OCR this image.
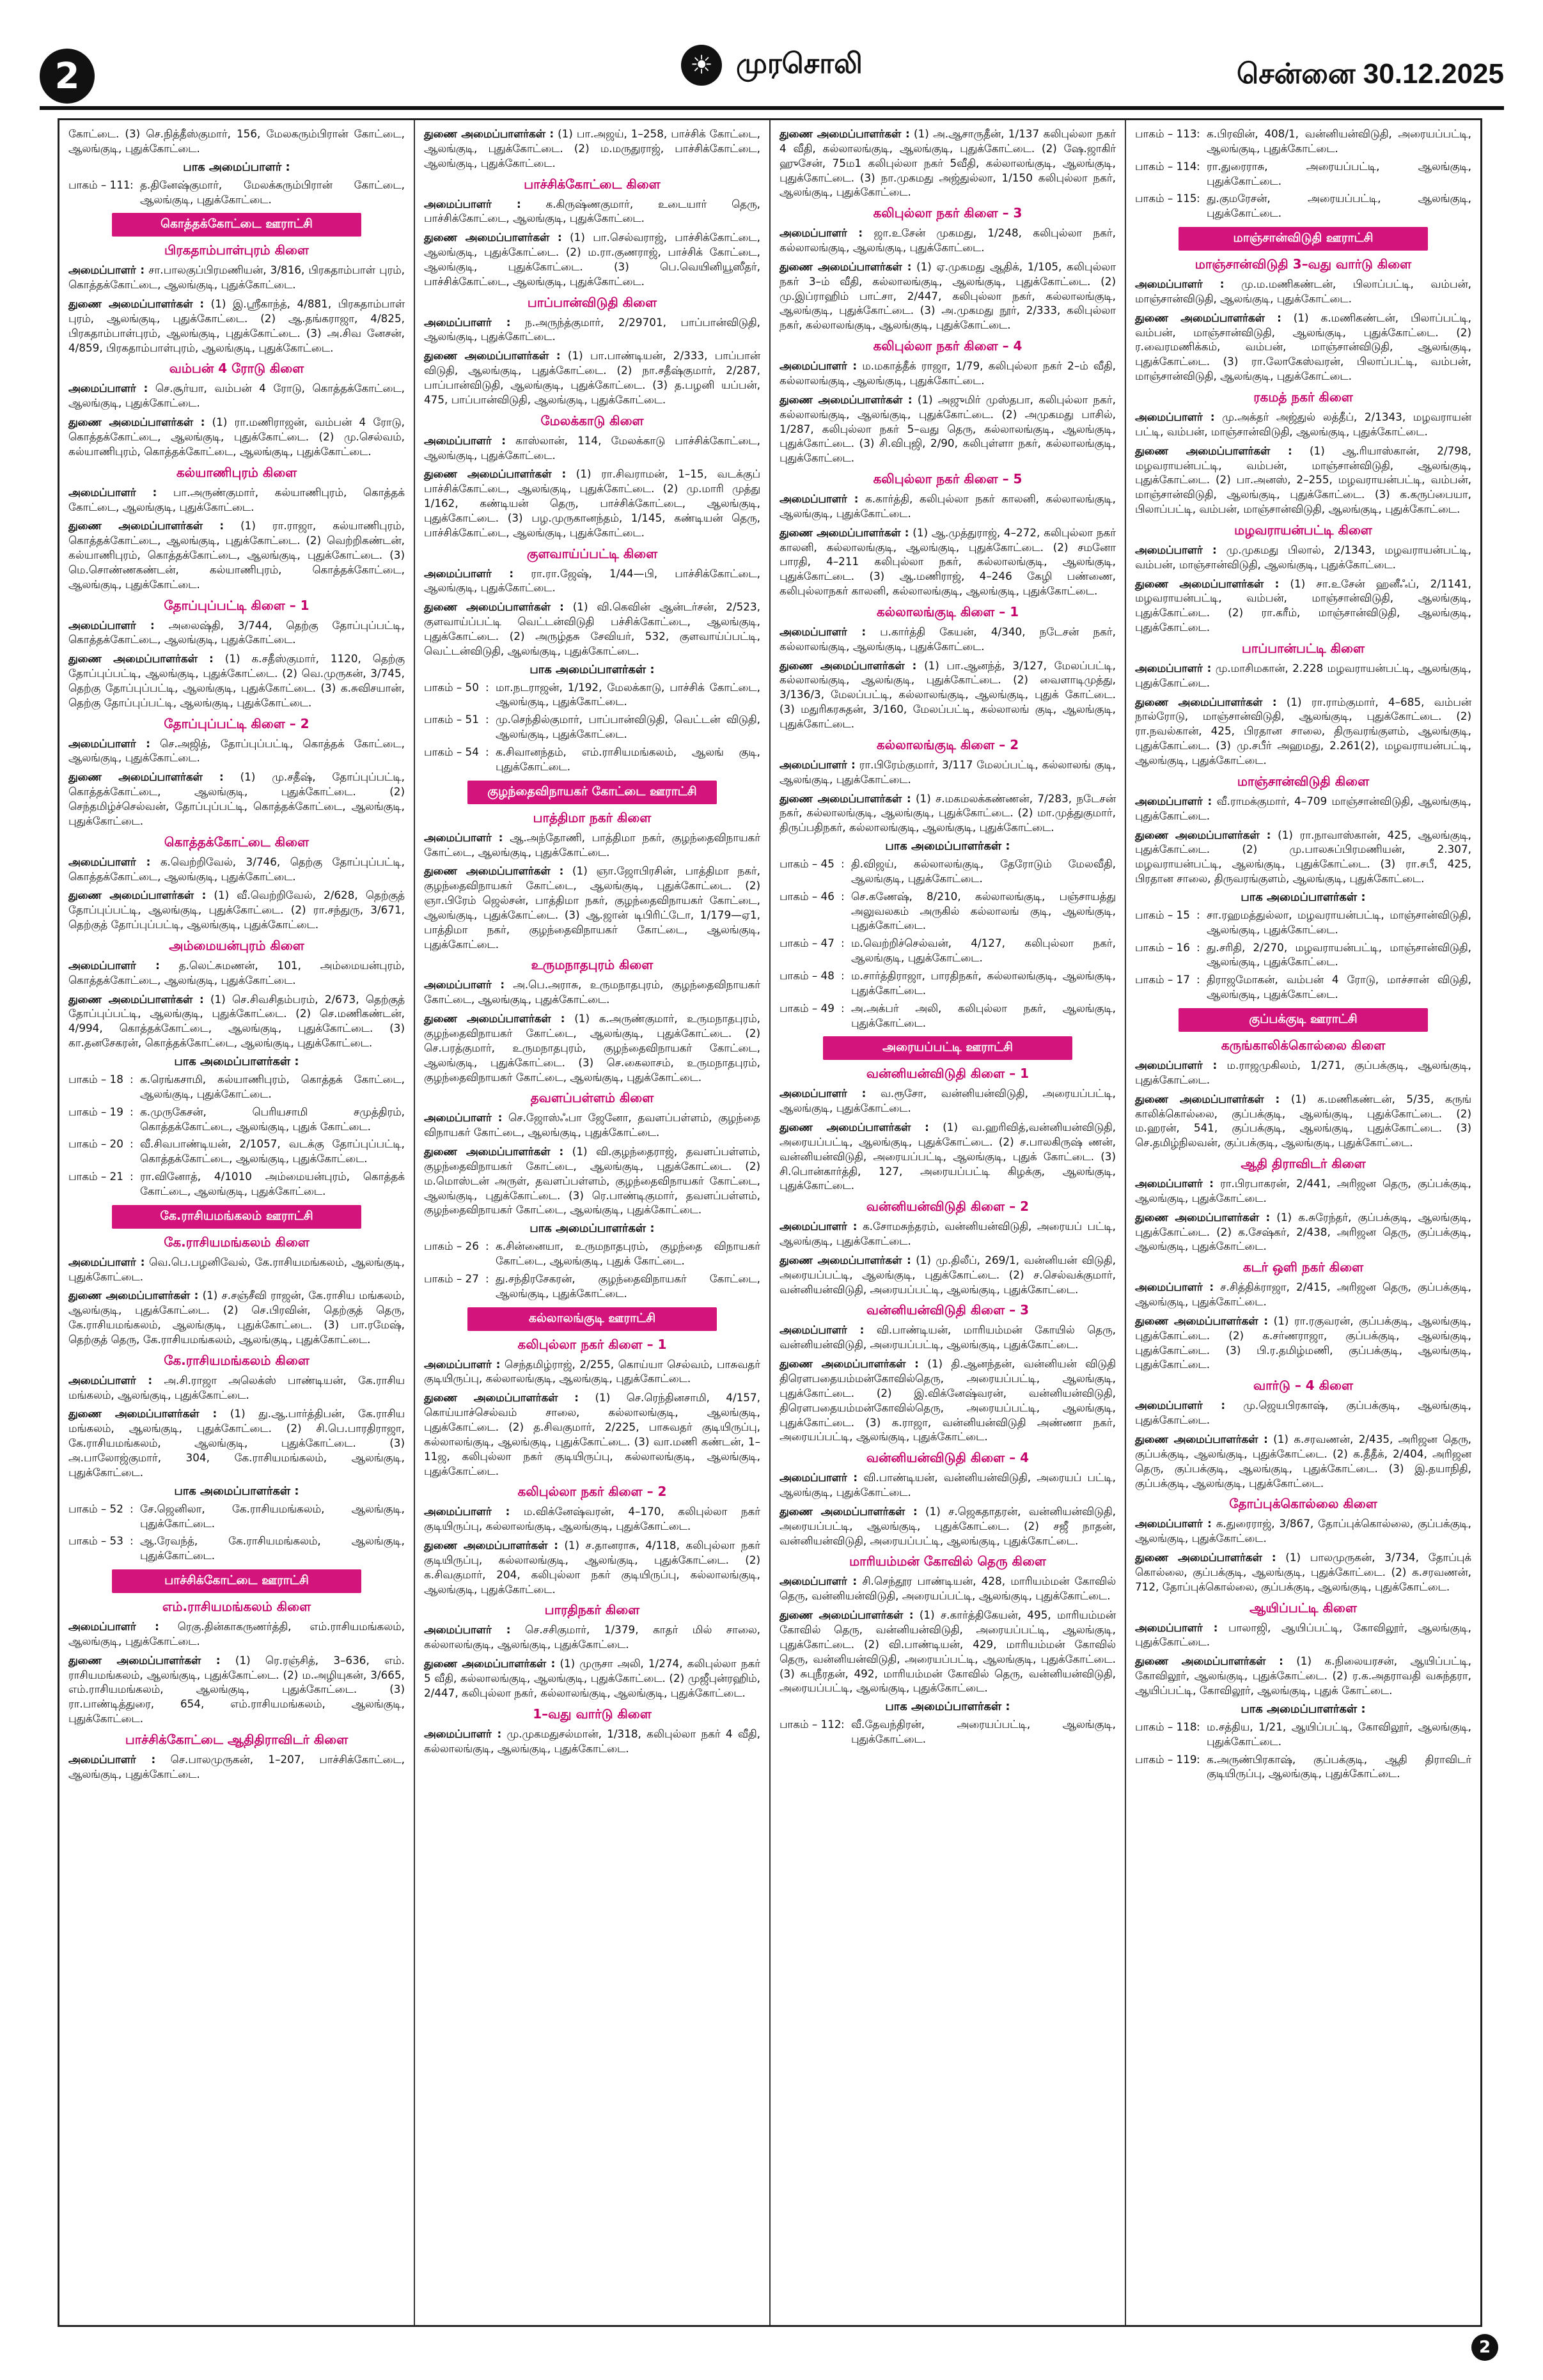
2	☀ முரசொலி	சென்னை 30.12.2025
கோட்டை. (3) செ.நித்தீஸ்குமார், 156, மேலகரும்பிரான் கோட்டை, ஆலங்குடி, புதுக்கோட்டை.
பாக அமைப்பாளர் :
பாகம் – 111 : த.தினேஷ்குமார், மேலக்கரும்பிரான் கோட்டை, ஆலங்குடி, புதுக்கோட்டை.
கொத்தக்கோட்டை ஊராட்சி
பிரகதாம்பாள்புரம் கிளை
அமைப்பாளர் : சா.பாலகுப்பிரமணியன், 3/816, பிரகதாம்பாள் புரம், கொத்தக்கோட்டை, ஆலங்குடி, புதுக்கோட்டை.
துணை அமைப்பாளர்கள் : (1) இ.ஸ்ரீகாந்த், 4/881, பிரகதாம்பாள் புரம், ஆலங்குடி, புதுக்கோட்டை. (2) ஆ.தங்கராஜா, 4/825, பிரகதாம்பாள்புரம், ஆலங்குடி, புதுக்கோட்டை. (3) அ.சிவ னேசன், 4/859, பிரகதாம்பாள்புரம், ஆலங்குடி, புதுக்கோட்டை.
வம்பன் 4 ரோடு கிளை
அமைப்பாளர் : செ.சூர்யா, வம்பன் 4 ரோடு, கொத்தக்கோட்டை, ஆலங்குடி, புதுக்கோட்டை.
துணை அமைப்பாளர்கள் : (1) ரா.மணிராஜன், வம்பன் 4 ரோடு, கொத்தக்கோட்டை, ஆலங்குடி, புதுக்கோட்டை. (2) மு.செல்வம், கல்யாணிபுரம், கொத்தக்கோட்டை, ஆலங்குடி, புதுக்கோட்டை.
கல்யாணிபுரம் கிளை
அமைப்பாளர் : பா.அருண்குமார், கல்யாணிபுரம், கொத்தக் கோட்டை, ஆலங்குடி, புதுக்கோட்டை.
துணை அமைப்பாளர்கள் : (1) ரா.ராஜா, கல்யாணிபுரம், கொத்தக்கோட்டை, ஆலங்குடி, புதுக்கோட்டை. (2) வெற்றிகண்டன், கல்யாணிபுரம், கொத்தக்கோட்டை, ஆலங்குடி, புதுக்கோட்டை. (3) மெ.சொண்ணகண்டன், கல்யாணிபுரம், கொத்தக்கோட்டை, ஆலங்குடி, புதுக்கோட்டை.
தோப்புப்பட்டி கிளை – 1
அமைப்பாளர் : அலைஷ்தி, 3/744, தெற்கு தோப்புப்பட்டி, கொத்தக்கோட்டை, ஆலங்குடி, புதுக்கோட்டை.
துணை அமைப்பாளர்கள் : (1) க.சதீஸ்குமார், 1120, தெற்கு தோப்புப்பட்டி, ஆலங்குடி, புதுக்கோட்டை. (2) வெ.முருகன், 3/745, தெற்கு தோப்புப்பட்டி, ஆலங்குடி, புதுக்கோட்டை. (3) க.சுவிசயான், தெற்கு தோப்புப்பட்டி, ஆலங்குடி, புதுக்கோட்டை.
தோப்புப்பட்டி கிளை – 2
அமைப்பாளர் : செ.அஜித், தோப்புப்பட்டி, கொத்தக் கோட்டை, ஆலங்குடி, புதுக்கோட்டை.
துணை அமைப்பாளர்கள் : (1) மு.சதீஷ், தோப்புப்பட்டி, கொத்தக்கோட்டை, ஆலங்குடி, புதுக்கோட்டை. (2) செந்தமிழ்ச்செல்வன், தோப்புப்பட்டி, கொத்தக்கோட்டை, ஆலங்குடி, புதுக்கோட்டை.
கொத்தக்கோட்டை கிளை
அமைப்பாளர் : க.வெற்றிவேல், 3/746, தெற்கு தோப்புப்பட்டி, கொத்தக்கோட்டை, ஆலங்குடி, புதுக்கோட்டை.
துணை அமைப்பாளர்கள் : (1) வீ.வெற்றிவேல், 2/628, தெற்குத் தோப்புப்பட்டி, ஆலங்குடி, புதுக்கோட்டை. (2) ரா.சந்துரு, 3/671, தெற்குத் தோப்புப்பட்டி, ஆலங்குடி, புதுக்கோட்டை.
அம்மையன்புரம் கிளை
அமைப்பாளர் : த.லெட்சுமணன், 101, அம்மையன்புரம், கொத்தக்கோட்டை, ஆலங்குடி, புதுக்கோட்டை.
துணை அமைப்பாளர்கள் : (1) செ.சிவசிதம்பரம், 2/673, தெற்குத் தோப்புப்பட்டி, ஆலங்குடி, புதுக்கோட்டை. (2) செ.மணிகண்டன், 4/994, கொத்தக்கோட்டை, ஆலங்குடி, புதுக்கோட்டை. (3) கா.தனசேகரன், கொத்தக்கோட்டை, ஆலங்குடி, புதுக்கோட்டை.
பாக அமைப்பாளர்கள் :
பாகம் – 18 : க.ரெங்கசாமி, கல்யாணிபுரம், கொத்தக் கோட்டை, ஆலங்குடி, புதுக்கோட்டை.
பாகம் – 19 : க.முருகேசன், பெரியசாமி சமுத்திரம், கொத்தக்கோட்டை, ஆலங்குடி, புதுக் கோட்டை.
பாகம் – 20 : வீ.சிவபாண்டியன், 2/1057, வடக்கு தோப்புப்பட்டி, கொத்தக்கோட்டை, ஆலங்குடி, புதுக்கோட்டை.
பாகம் – 21 : ரா.வினோத், 4/1010 அம்மையன்புரம், கொத்தக் கோட்டை, ஆலங்குடி, புதுக்கோட்டை.
கே.ராசியமங்கலம் ஊராட்சி
கே.ராசியமங்கலம் கிளை
அமைப்பாளர் : வெ.பெ.பழனிவேல், கே.ராசியமங்கலம், ஆலங்குடி, புதுக்கோட்டை.
துணை அமைப்பாளர்கள் : (1) ச.சஞ்சீவி ராஜன், கே.ராசிய மங்கலம், ஆலங்குடி, புதுக்கோட்டை. (2) செ.பிரவின், தெற்குத் தெரு, கே.ராசியமங்கலம், ஆலங்குடி, புதுக்கோட்டை. (3) பா.ரமேஷ், தெற்குத் தெரு, கே.ராசியமங்கலம், ஆலங்குடி, புதுக்கோட்டை.
கே.ராசியமங்கலம் கிளை
அமைப்பாளர் : அ.சி.ராஜா அலெக்ஸ் பாண்டியன், கே.ராசிய மங்கலம், ஆலங்குடி, புதுக்கோட்டை.
துணை அமைப்பாளர்கள் : (1) து.ஆ.பார்த்திபன், கே.ராசிய மங்கலம், ஆலங்குடி, புதுக்கோட்டை. (2) சி.பெ.பாரதிராஜா, கே.ராசியமங்கலம், ஆலங்குடி, புதுக்கோட்டை. (3) அ.பாலோஜ்குமார், 304, கே.ராசியமங்கலம், ஆலங்குடி, புதுக்கோட்டை.
பாக அமைப்பாளர்கள் :
பாகம் – 52 : சே.ஜெனிலா, கே.ராசியமங்கலம், ஆலங்குடி, புதுக்கோட்டை.
பாகம் – 53 : ஆ.ரேவந்த், கே.ராசியமங்கலம், ஆலங்குடி, புதுக்கோட்டை.
பாச்சிக்கோட்டை ஊராட்சி
எம்.ராசியமங்கலம் கிளை
அமைப்பாளர் : ரெகு.தின்காகருணர்த்தி, எம்.ராசியமங்கலம், ஆலங்குடி, புதுக்கோட்டை.
துணை அமைப்பாளர்கள் : (1) ரெ.ரஞ்சித், 3–636, எம். ராசியமங்கலம், ஆலங்குடி, புதுக்கோட்டை. (2) ம.அழியுகன், 3/665, எம்.ராசியமங்கலம், ஆலங்குடி, புதுக்கோட்டை. (3) ரா.பாண்டித்துரை, 654, எம்.ராசியமங்கலம், ஆலங்குடி, புதுக்கோட்டை.
பாச்சிக்கோட்டை ஆதிதிராவிடர் கிளை
அமைப்பாளர் : செ.பாலமுருகன், 1–207, பாச்சிக்கோட்டை, ஆலங்குடி, புதுக்கோட்டை.
துணை அமைப்பாளர்கள் : (1) பா.அஜய், 1–258, பாச்சிக் கோட்டை, ஆலங்குடி, புதுக்கோட்டை. (2) ம.மருதுராஜ், பாச்சிக்கோட்டை, ஆலங்குடி, புதுக்கோட்டை.
பாச்சிக்கோட்டை கிளை
அமைப்பாளர் : க.கிருஷ்ணகுமார், உடையார் தெரு, பாச்சிக்கோட்டை, ஆலங்குடி, புதுக்கோட்டை.
துணை அமைப்பாளர்கள் : (1) பா.செல்வராஜ், பாச்சிக்கோட்டை, ஆலங்குடி, புதுக்கோட்டை. (2) ம.ரா.குணராஜ், பாச்சிக் கோட்டை, ஆலங்குடி, புதுக்கோட்டை. (3) பெ.வெயினியூஸீதர், பாச்சிக்கோட்டை, ஆலங்குடி, புதுக்கோட்டை.
பாப்பான்விடுதி கிளை
அமைப்பாளர் : ந.அருந்த்குமார், 2/29701, பாப்பான்விடுதி, ஆலங்குடி, புதுக்கோட்டை.
துணை அமைப்பாளர்கள் : (1) பா.பாண்டியன், 2/333, பாப்பான் விடுதி, ஆலங்குடி, புதுக்கோட்டை. (2) நா.சதீஷ்குமார், 2/287, பாப்பான்விடுதி, ஆலங்குடி, புதுக்கோட்டை. (3) த.பழனி யப்பன், 475, பாப்பான்விடுதி, ஆலங்குடி, புதுக்கோட்டை.
மேலக்காடு கிளை
அமைப்பாளர் : காஸ்லான், 114, மேலக்காடு பாச்சிக்கோட்டை, ஆலங்குடி, புதுக்கோட்டை.
துணை அமைப்பாளர்கள் : (1) ரா.சிவராமன், 1–15, வடக்குப் பாச்சிக்கோட்டை, ஆலங்குடி, புதுக்கோட்டை. (2) மு.மாரி முத்து 1/162, கண்டியன் தெரு, பாச்சிக்கோட்டை, ஆலங்குடி, புதுக்கோட்டை. (3) பழ.முருகானந்தம், 1/145, கண்டியன் தெரு, பாச்சிக்கோட்டை, ஆலங்குடி, புதுக்கோட்டை.
குளவாய்ப்பட்டி கிளை
அமைப்பாளர் : ரா.ரா.ஜேஷ், 1/44—பி, பாச்சிக்கோட்டை, ஆலங்குடி, புதுக்கோட்டை.
துணை அமைப்பாளர்கள் : (1) வி.கெவின் ஆன்டர்சன், 2/523, குளவாய்ப்பட்டி வெட்டன்விடுதி பச்சிக்கோட்டை, ஆலங்குடி, புதுக்கோட்டை. (2) அருழ்தசு சேவியர், 532, குளவாய்ப்பட்டி, வெட்டன்விடுதி, ஆலங்குடி, புதுக்கோட்டை.
பாக அமைப்பாளர்கள் :
பாகம் – 50 : மா.நடராஜன், 1/192, மேலக்காடு, பாச்சிக் கோட்டை, ஆலங்குடி, புதுக்கோட்டை.
பாகம் – 51 : மு.செந்தில்குமார், பாப்பான்விடுதி, வெட்டன் விடுதி, ஆலங்குடி, புதுக்கோட்டை.
பாகம் – 54 : க.சிவானந்தம், எம்.ராசியமங்கலம், ஆலங் குடி, புதுக்கோட்டை.
குழந்தைவிநாயகர் கோட்டை ஊராட்சி
பாத்திமா நகர் கிளை
அமைப்பாளர் : ஆ.அந்தோணி, பாத்திமா நகர், குழந்தைவிநாயகர் கோட்டை, ஆலங்குடி, புதுக்கோட்டை.
துணை அமைப்பாளர்கள் : (1) ஞா.ஜோபிரசின், பாத்திமா நகர், குழந்தைவிநாயகர் கோட்டை, ஆலங்குடி, புதுக்கோட்டை. (2) ஞா.பிரேம் ஜெல்சன், பாத்திமா நகர், குழந்தைவிநாயகர் கோட்டை, ஆலங்குடி, புதுக்கோட்டை. (3) ஆ.ஜான் டிபிரிட்டோ, 1/179—ஏ1, பாத்திமா நகர், குழந்தைவிநாயகர் கோட்டை, ஆலங்குடி, புதுக்கோட்டை.
உருமநாதபுரம் கிளை
அமைப்பாளர் : அ.பெ.அராசு, உருமநாதபுரம், குழந்தைவிநாயகர் கோட்டை, ஆலங்குடி, புதுக்கோட்டை.
துணை அமைப்பாளர்கள் : (1) க.அருண்குமார், உருமநாதபுரம், குழந்தைவிநாயகர் கோட்டை, ஆலங்குடி, புதுக்கோட்டை. (2) செ.பரத்குமார், உருமநாதபுரம், குழந்தைவிநாயகர் கோட்டை, ஆலங்குடி, புதுக்கோட்டை. (3) செ.கைலாசம், உருமநாதபுரம், குழந்தைவிநாயகர் கோட்டை, ஆலங்குடி, புதுக்கோட்டை.
தவளப்பள்ளம் கிளை
அமைப்பாளர் : செ.ஜோஸ்ஃபா ஜேனோ, தவளப்பள்ளம், குழந்தை விநாயகர் கோட்டை, ஆலங்குடி, புதுக்கோட்டை.
துணை அமைப்பாளர்கள் : (1) வி.குழந்தைராஜ், தவளப்பள்ளம், குழந்தைவிநாயகர் கோட்டை, ஆலங்குடி, புதுக்கோட்டை. (2) ம.மொஸ்டன் அருள், தவளப்பள்ளம், குழந்தைவிநாயகர் கோட்டை, ஆலங்குடி, புதுக்கோட்டை. (3) ரெ.பாண்டிகுமார், தவளப்பள்ளம், குழந்தைவிநாயகர் கோட்டை, ஆலங்குடி, புதுக்கோட்டை.
பாக அமைப்பாளர்கள் :
பாகம் – 26 : க.சின்னையா, உருமநாதபுரம், குழந்தை விநாயகர் கோட்டை, ஆலங்குடி, புதுக் கோட்டை.
பாகம் – 27 : து.சந்திரசேகரன், குழந்தைவிநாயகர் கோட்டை, ஆலங்குடி, புதுக்கோட்டை.
கல்லாலங்குடி ஊராட்சி
கலிபுல்லா நகர் கிளை – 1
அமைப்பாளர் : செந்தமிழ்ராஜ், 2/255, கொய்யா செல்வம், பாசுவதர் குடியிருப்பு, கல்லாலங்குடி, ஆலங்குடி, புதுக்கோட்டை.
துணை அமைப்பாளர்கள் : (1) செ.ரெந்தினசாமி, 4/157, கொய்யாச்செல்வம் சாலை, கல்லாலங்குடி, ஆலங்குடி, புதுக்கோட்டை. (2) த.சிவகுமார், 2/225, பாசுவதர் குடியிருப்பு, கல்லாலங்குடி, ஆலங்குடி, புதுக்கோட்டை. (3) வா.மணி கண்டன், 1–11ஜ, கலிபுல்லா நகர் குடியிருப்பு, கல்லாலங்குடி, ஆலங்குடி, புதுக்கோட்டை.
கலிபுல்லா நகர் கிளை – 2
அமைப்பாளர் : ம.விக்னேஷ்வரன், 4–170, கலிபுல்லா நகர் குடியிருப்பு, கல்லாலங்குடி, ஆலங்குடி, புதுக்கோட்டை.
துணை அமைப்பாளர்கள் : (1) ச.தானராசு, 4/118, கலிபுல்லா நகர் குடியிருப்பு, கல்லாலங்குடி, ஆலங்குடி, புதுக்கோட்டை. (2) க.சிவகுமார், 204, கலிபுல்லா நகர் குடியிருப்பு, கல்லாலங்குடி, ஆலங்குடி, புதுக்கோட்டை.
பாரதிநகர் கிளை
அமைப்பாளர் : செ.சசிகுமார், 1/379, காதர் மில் சாலை, கல்லாலங்குடி, ஆலங்குடி, புதுக்கோட்டை.
துணை அமைப்பாளர்கள் : (1) முருசா அலி, 1/274, கலிபுல்லா நகர் 5 வீதி, கல்லாலங்குடி, ஆலங்குடி, புதுக்கோட்டை. (2) முஜீபுன்ரஹிம், 2/447, கலிபுல்லா நகர், கல்லாலங்குடி, ஆலங்குடி, புதுக்கோட்டை.
1–வது வார்டு கிளை
அமைப்பாளர் : மு.முகமதுசல்மான், 1/318, கலிபுல்லா நகர் 4 வீதி, கல்லாலங்குடி, ஆலங்குடி, புதுக்கோட்டை.
துணை அமைப்பாளர்கள் : (1) அ.ஆசாருதீன், 1/137 கலிபுல்லா நகர் 4 வீதி, கல்லாலங்குடி, ஆலங்குடி, புதுக்கோட்டை. (2) ஷே.ஜாகிர் ஹுசேன், 75ம1 கலிபுல்லா நகர் 5வீதி, கல்லாலங்குடி, ஆலங்குடி, புதுக்கோட்டை. (3) நா.முகமது அஜ்துல்லா, 1/150 கலிபுல்லா நகர், ஆலங்குடி, புதுக்கோட்டை.
கலிபுல்லா நகர் கிளை – 3
அமைப்பாளர் : ஜா.உசேன் முகமது, 1/248, கலிபுல்லா நகர், கல்லாலங்குடி, ஆலங்குடி, புதுக்கோட்டை.
துணை அமைப்பாளர்கள் : (1) ஏ.முகமது ஆதிக், 1/105, கலிபுல்லா நகர் 3–ம் வீதி, கல்லாலங்குடி, ஆலங்குடி, புதுக்கோட்டை. (2) மு.இப்ராஹிம் பாட்சா, 2/447, கலிபுல்லா நகர், கல்லாலங்குடி, ஆலங்குடி, புதுக்கோட்டை. (3) அ.முகமது நூர், 2/333, கலிபுல்லா நகர், கல்லாலங்குடி, ஆலங்குடி, புதுக்கோட்டை.
கலிபுல்லா நகர் கிளை – 4
அமைப்பாளர் : ம.மகாத்தீக் ராஜா, 1/79, கலிபுல்லா நகர் 2–ம் வீதி, கல்லாலங்குடி, ஆலங்குடி, புதுக்கோட்டை.
துணை அமைப்பாளர்கள் : (1) அஜுமிர் முஸ்தபா, கலிபுல்லா நகர், கல்லாலங்குடி, ஆலங்குடி, புதுக்கோட்டை. (2) அமுகமது பாசில், 1/287, கலிபுல்லா நகர் 5–வது தெரு, கல்லாலங்குடி, ஆலங்குடி, புதுக்கோட்டை. (3) சி.விபுஜி, 2/90, கலிபுள்ளா நகர், கல்லாலங்குடி, புதுக்கோட்டை.
கலிபுல்லா நகர் கிளை – 5
அமைப்பாளர் : க.கார்த்தி, கலிபுல்லா நகர் காலனி, கல்லாலங்குடி, ஆலங்குடி, புதுக்கோட்டை.
துணை அமைப்பாளர்கள் : (1) ஆ.முத்துராஜ், 4–272, கலிபுல்லா நகர் காலனி, கல்லாலங்குடி, ஆலங்குடி, புதுக்கோட்டை. (2) சமனோ பாரதி, 4–211 கலிபுல்லா நகர், கல்லாலங்குடி, ஆலங்குடி, புதுக்கோட்டை. (3) ஆ.மணிராஜ், 4–246 கேழி பண்ணை, கலிபுல்லாநகர் காலனி, கல்லாலங்குடி, ஆலங்குடி, புதுக்கோட்டை.
கல்லாலங்குடி கிளை – 1
அமைப்பாளர் : ப.கார்த்தி கேயன், 4/340, நடேசன் நகர், கல்லாலங்குடி, ஆலங்குடி, புதுக்கோட்டை.
துணை அமைப்பாளர்கள் : (1) பா.ஆனந்த், 3/127, மேலப்பட்டி, கல்லாலங்குடி, ஆலங்குடி, புதுக்கோட்டை. (2) வைளாடிமுத்து, 3/136/3, மேலப்பட்டி, கல்லாலங்குடி, ஆலங்குடி, புதுக் கோட்டை. (3) மதுரிகரசுதன், 3/160, மேலப்பட்டி, கல்லாலங் குடி, ஆலங்குடி, புதுக்கோட்டை.
கல்லாலங்குடி கிளை – 2
அமைப்பாளர் : ரா.பிரேம்குமார், 3/117 மேலப்பட்டி, கல்லாலங் குடி, ஆலங்குடி, புதுக்கோட்டை.
துணை அமைப்பாளர்கள் : (1) ச.மகமலக்கண்ணன், 7/283, நடேசன் நகர், கல்லாலங்குடி, ஆலங்குடி, புதுக்கோட்டை. (2) மா.முத்துகுமார், திருப்பதிநகர், கல்லாலங்குடி, ஆலங்குடி, புதுக்கோட்டை.
பாக அமைப்பாளர்கள் :
பாகம் – 45 : தி.விஜய், கல்லாலங்குடி, தேரோடும் மேலவீதி, ஆலங்குடி, புதுக்கோட்டை.
பாகம் – 46 : செ.கணேஷ், 8/210, கல்லாலங்குடி, பஞ்சாயத்து அலுவலகம் அருகில் கல்லாலங் குடி, ஆலங்குடி, புதுக்கோட்டை.
பாகம் – 47 : ம.வெற்றிச்செல்வன், 4/127, கலிபுல்லா நகர், ஆலங்குடி, புதுக்கோட்டை.
பாகம் – 48 : ம.சார்த்திராஜா, பாரதிநகர், கல்லாலங்குடி, ஆலங்குடி, புதுக்கோட்டை.
பாகம் – 49 : அ.அக்பர் அலி, கலிபுல்லா நகர், ஆலங்குடி, புதுக்கோட்டை.
அரையப்பட்டி ஊராட்சி
வன்னியன்விடுதி கிளை – 1
அமைப்பாளர் : வ.ரூசோ, வன்னியன்விடுதி, அரையப்பட்டி, ஆலங்குடி, புதுக்கோட்டை.
துணை அமைப்பாளர்கள் : (1) வ.ஹரிவித்,வன்னியன்விடுதி, அரையப்பட்டி, ஆலங்குடி, புதுக்கோட்டை. (2) ச.பாலகிருஷ் ணன், வன்னியன்விடுதி, அரையப்பட்டி, ஆலங்குடி, புதுக் கோட்டை. (3) சி.பொன்கார்த்தி, 127, அரையப்பட்டி கிழக்கு, ஆலங்குடி, புதுக்கோட்டை.
வன்னியன்விடுதி கிளை – 2
அமைப்பாளர் : க.சோமசுந்தரம், வன்னியன்விடுதி, அரையப் பட்டி, ஆலங்குடி, புதுக்கோட்டை.
துணை அமைப்பாளர்கள் : (1) மு.திலீப், 269/1, வன்னியன் விடுதி, அரையப்பட்டி, ஆலங்குடி, புதுக்கோட்டை. (2) ச.செல்வக்குமார், வன்னியன்விடுதி, அரையப்பட்டி, ஆலங்குடி, புதுக்கோட்டை.
வன்னியன்விடுதி கிளை – 3
அமைப்பாளர் : வி.பாண்டியன், மாரியம்மன் கோயில் தெரு, வன்னியன்விடுதி, அரையப்பட்டி, ஆலங்குடி, புதுக்கோட்டை.
துணை அமைப்பாளர்கள் : (1) தி.ஆனந்தன், வன்னியன் விடுதி திரௌபதையம்மன்கோவில்தெரு, அரையப்பட்டி, ஆலங்குடி, புதுக்கோட்டை. (2) இ.விக்னேஷ்வரன், வன்னியன்விடுதி, திரௌபதையம்மன்கோவில்தெரு, அரையப்பட்டி, ஆலங்குடி, புதுக்கோட்டை. (3) க.ராஜா, வன்னியன்விடுதி அண்ணா நகர், அரையப்பட்டி, ஆலங்குடி, புதுக்கோட்டை.
வன்னியன்விடுதி கிளை – 4
அமைப்பாளர் : வி.பாண்டியன், வன்னியன்விடுதி, அரையப் பட்டி, ஆலங்குடி, புதுக்கோட்டை.
துணை அமைப்பாளர்கள் : (1) ச.ஜெகதாதரன், வன்னியன்விடுதி, அரையப்பட்டி, ஆலங்குடி, புதுக்கோட்டை. (2) சஜீ நாதன், வன்னியன்விடுதி, அரையப்பட்டி, ஆலங்குடி, புதுக்கோட்டை.
மாரியம்மன் கோவில் தெரு கிளை
அமைப்பாளர் : சி.செந்தூர பாண்டியன், 428, மாரியம்மன் கோவில் தெரு, வன்னியன்விடுதி, அரையப்பட்டி, ஆலங்குடி, புதுக்கோட்டை.
துணை அமைப்பாளர்கள் : (1) ச.கார்த்திகேயன், 495, மாரியம்மன் கோவில் தெரு, வன்னியன்விடுதி, அரையப்பட்டி, ஆலங்குடி, புதுக்கோட்டை. (2) வி.பாண்டியன், 429, மாரியம்மன் கோவில் தெரு, வன்னியன்விடுதி, அரையப்பட்டி, ஆலங்குடி, புதுக்கோட்டை. (3) சுபுநீரதன், 492, மாரியம்மன் கோவில் தெரு, வன்னியன்விடுதி, அரையப்பட்டி, ஆலங்குடி, புதுக்கோட்டை.
பாக அமைப்பாளர்கள் :
பாகம் – 112 : வீ.தேவந்திரன், அரையப்பட்டி, ஆலங்குடி, புதுக்கோட்டை.
பாகம் – 113 : க.பிரவின், 408/1, வன்னியன்விடுதி, அரையப்பட்டி, ஆலங்குடி, புதுக்கோட்டை.
பாகம் – 114 : ரா.துரைராசு, அரையப்பட்டி, ஆலங்குடி, புதுக்கோட்டை.
பாகம் – 115 : து.குமரேசன், அரையப்பட்டி, ஆலங்குடி, புதுக்கோட்டை.
மாஞ்சான்விடுதி ஊராட்சி
மாஞ்சான்விடுதி 3–வது வார்டு கிளை
அமைப்பாளர் : மு.ம.மணிகண்டன், பிலாப்பட்டி, வம்பன், மாஞ்சான்விடுதி, ஆலங்குடி, புதுக்கோட்டை.
துணை அமைப்பாளர்கள் : (1) க.மணிகண்டன், பிலாப்பட்டி, வம்பன், மாஞ்சான்விடுதி, ஆலங்குடி, புதுக்கோட்டை. (2) ர.வைரமணிக்கம், வம்பன், மாஞ்சான்விடுதி, ஆலங்குடி, புதுக்கோட்டை. (3) ரா.லோகேஸ்வரன், பிலாப்பட்டி, வம்பன், மாஞ்சான்விடுதி, ஆலங்குடி, புதுக்கோட்டை.
ரகமத் நகர் கிளை
அமைப்பாளர் : மு.அக்தர் அஜ்துல் லத்தீப், 2/1343, மழவராயன் பட்டி, வம்பன், மாஞ்சான்விடுதி, ஆலங்குடி, புதுக்கோட்டை.
துணை அமைப்பாளர்கள் : (1) ஆ.ரியாஸ்கான், 2/798, மழவராயன்பட்டி, வம்பன், மாஞ்சான்விடுதி, ஆலங்குடி, புதுக்கோட்டை. (2) பா.அனஸ், 2–255, மழவராயன்பட்டி, வம்பன், மாஞ்சான்விடுதி, ஆலங்குடி, புதுக்கோட்டை. (3) க.கருப்பையா, பிலாப்பட்டி, வம்பன், மாஞ்சான்விடுதி, ஆலங்குடி, புதுக்கோட்டை.
மழவராயன்பட்டி கிளை
அமைப்பாளர் : மு.முகமது பிலால், 2/1343, மழவராயன்பட்டி, வம்பன், மாஞ்சான்விடுதி, ஆலங்குடி, புதுக்கோட்டை.
துணை அமைப்பாளர்கள் : (1) சா.உசேன் ஹனீஃப், 2/1141, மழவராயன்பட்டி, வம்பன், மாஞ்சான்விடுதி, ஆலங்குடி, புதுக்கோட்டை. (2) ரா.கரீம், மாஞ்சான்விடுதி, ஆலங்குடி, புதுக்கோட்டை.
பாப்பான்பட்டி கிளை
அமைப்பாளர் : மு.மாசிமகான், 2.228 மழவராயன்பட்டி, ஆலங்குடி, புதுக்கோட்டை.
துணை அமைப்பாளர்கள் : (1) ரா.ராம்குமார், 4–685, வம்பன் நால்ரோடு, மாஞ்சான்விடுதி, ஆலங்குடி, புதுக்கோட்டை. (2) ரா.நவல்கான், 425, பிரதான சாலை, திருவரங்குளம், ஆலங்குடி, புதுக்கோட்டை. (3) மு.சபீர் அஹமது, 2.261(2), மழவராயன்பட்டி, ஆலங்குடி, புதுக்கோட்டை.
மாஞ்சான்விடுதி கிளை
அமைப்பாளர் : வீ.ராமக்குமார், 4–709 மாஞ்சான்விடுதி, ஆலங்குடி, புதுக்கோட்டை.
துணை அமைப்பாளர்கள் : (1) ரா.நாவாஸ்கான், 425, ஆலங்குடி, புதுக்கோட்டை. (2) மு.பாலசுப்பிரமணியன், 2.307, மழவராயன்பட்டி, ஆலங்குடி, புதுக்கோட்டை. (3) ரா.சபீ, 425, பிரதான சாலை, திருவரங்குளம், ஆலங்குடி, புதுக்கோட்டை.
பாக அமைப்பாளர்கள் :
பாகம் – 15 : சா.ரஹமத்துல்லா, மழவராயன்பட்டி, மாஞ்சான்விடுதி, ஆலங்குடி, புதுக்கோட்டை.
பாகம் – 16 : து.சரிதி, 2/270, மழவராயன்பட்டி, மாஞ்சான்விடுதி, ஆலங்குடி, புதுக்கோட்டை.
பாகம் – 17 : திராஜமோகன், வம்பன் 4 ரோடு, மாச்சான் விடுதி, ஆலங்குடி, புதுக்கோட்டை.
குப்பக்குடி ஊராட்சி
கருங்காலிக்கொல்லை கிளை
அமைப்பாளர் : ம.ராஜமுகிலம், 1/271, குப்பக்குடி, ஆலங்குடி, புதுக்கோட்டை.
துணை அமைப்பாளர்கள் : (1) க.மணிகண்டன், 5/35, கருங் காலிக்கொல்லை, குப்பக்குடி, ஆலங்குடி, புதுக்கோட்டை. (2) ம.ஹரன், 541, குப்பக்குடி, ஆலங்குடி, புதுக்கோட்டை. (3) செ.தமிழ்நிலவன், குப்பக்குடி, ஆலங்குடி, புதுக்கோட்டை.
ஆதி திராவிடர் கிளை
அமைப்பாளர் : ரா.பிரபாகரன், 2/441, அரிஜன தெரு, குப்பக்குடி, ஆலங்குடி, புதுக்கோட்டை.
துணை அமைப்பாளர்கள் : (1) க.சுரேந்தர், குப்பக்குடி, ஆலங்குடி, புதுக்கோட்டை. (2) க.சேஷ்கர், 2/438, அரிஜன தெரு, குப்பக்குடி, ஆலங்குடி, புதுக்கோட்டை.
கடர் ஒளி நகர் கிளை
அமைப்பாளர் : ச.சித்திக்ராஜா, 2/415, அரிஜன தெரு, குப்பக்குடி, ஆலங்குடி, புதுக்கோட்டை.
துணை அமைப்பாளர்கள் : (1) ரா.ரகுவரன், குப்பக்குடி, ஆலங்குடி, புதுக்கோட்டை. (2) க.சர்ணராஜா, குப்பக்குடி, ஆலங்குடி, புதுக்கோட்டை. (3) பி.ர.தமிழ்மணி, குப்பக்குடி, ஆலங்குடி, புதுக்கோட்டை.
வார்டு – 4 கிளை
அமைப்பாளர் : மு.ஜெயபிரகாஷ், குப்பக்குடி, ஆலங்குடி, புதுக்கோட்டை.
துணை அமைப்பாளர்கள் : (1) க.சரவணன், 2/435, அரிஜன தெரு, குப்பக்குடி, ஆலங்குடி, புதுக்கோட்டை. (2) க.தீதீக், 2/404, அரிஜன தெரு, குப்பக்குடி, ஆலங்குடி, புதுக்கோட்டை. (3) இ.தயாநிதி, குப்பக்குடி, ஆலங்குடி, புதுக்கோட்டை.
தோப்புக்கொல்லை கிளை
அமைப்பாளர் : க.துரைராஜ், 3/867, தோப்புக்கொல்லை, குப்பக்குடி, ஆலங்குடி, புதுக்கோட்டை.
துணை அமைப்பாளர்கள் : (1) பாலமுருகன், 3/734, தோப்புக் கொல்லை, குப்பக்குடி, ஆலங்குடி, புதுக்கோட்டை. (2) க.சரவணன், 712, தோப்புக்கொல்லை, குப்பக்குடி, ஆலங்குடி, புதுக்கோட்டை.
ஆயிப்பட்டி கிளை
அமைப்பாளர் : பாலாஜி, ஆயிப்பட்டி, கோவிலூர், ஆலங்குடி, புதுக்கோட்டை.
துணை அமைப்பாளர்கள் : (1) க.நிலையரசன், ஆயிப்பட்டி, கோவிலூர், ஆலங்குடி, புதுக்கோட்டை. (2) ர.க.அதராவதி வசுந்தரா, ஆயிப்பட்டி, கோவிலூர், ஆலங்குடி, புதுக் கோட்டை.
பாக அமைப்பாளர்கள் :
பாகம் – 118 : ம.சத்திய, 1/21, ஆயிப்பட்டி, கோவிலூர், ஆலங்குடி, புதுக்கோட்டை.
பாகம் – 119 : க.அருண்பிரகாஷ், குப்பக்குடி, ஆதி திராவிடர் குடியிருப்பு, ஆலங்குடி, புதுக்கோட்டை.
2
